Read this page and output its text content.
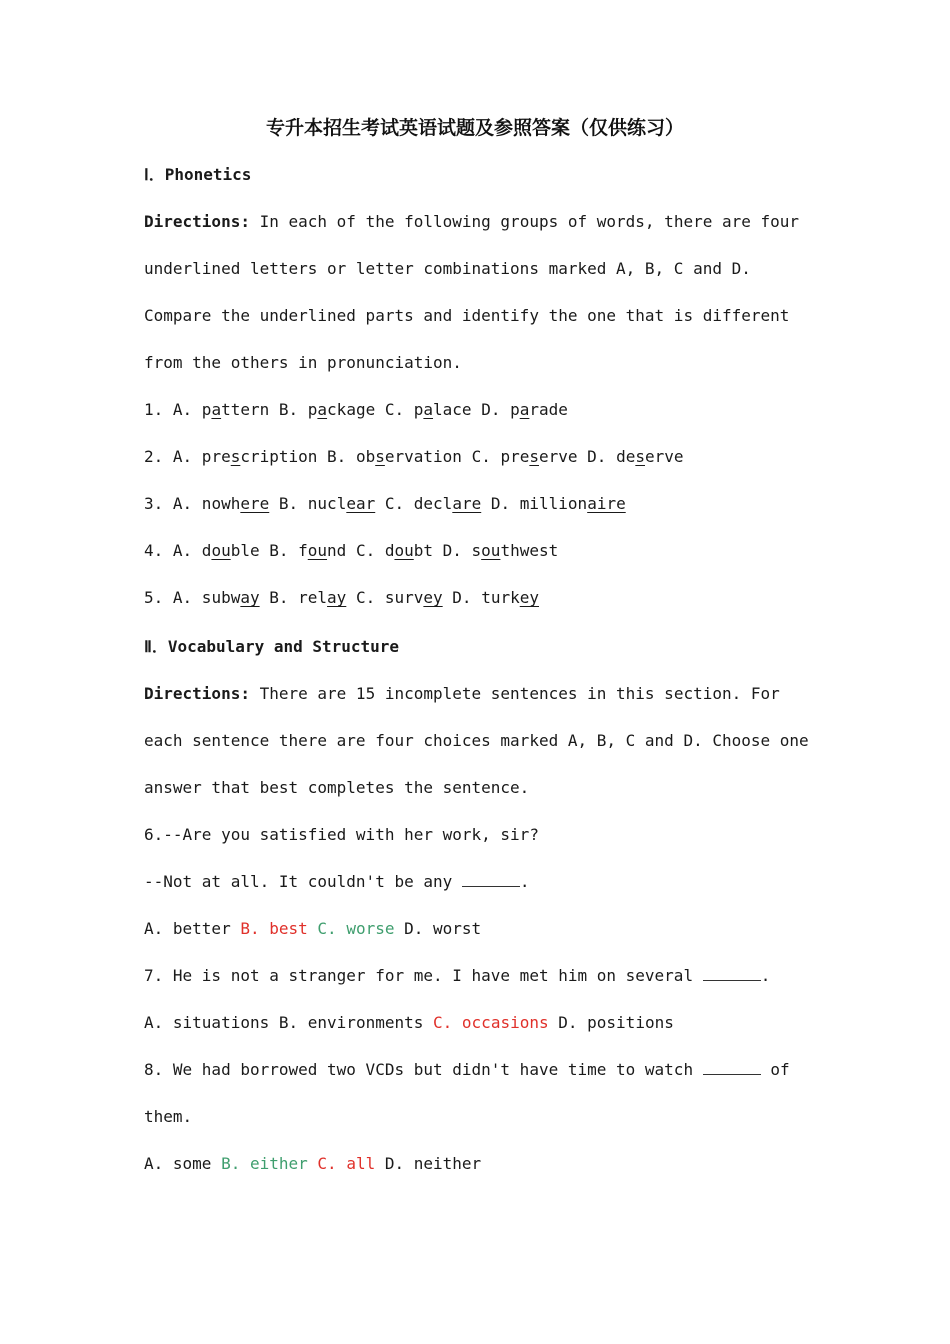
专升本招生考试英语试题及参照答案（仅供练习）
Ⅰ．Phonetics
Directions: In each of the following groups of words, there are four
underlined letters or letter combinations marked A, B, C and D.
Compare the underlined parts and identify the one that is different
from the others in pronunciation.
1. A. pattern B. package C. palace D. parade
2. A. prescription B. observation C. preserve D. deserve
3. A. nowhere B. nuclear C. declare D. millionaire
4. A. double B. found C. doubt D. southwest
5. A. subway B. relay C. survey D. turkey
Ⅱ．Vocabulary and Structure
Directions: There are 15 incomplete sentences in this section. For
each sentence there are four choices marked A, B, C and D. Choose one
answer that best completes the sentence.
6.--Are you satisfied with her work, sir?
--Not at all. It couldn't be any	.
A. better B. best C. worse D. worst
7. He is not a stranger for me. I have met him on several	.
A. situations B. environments C. occasions D. positions
8. We had borrowed two VCDs but didn't have time to watch	of
them.
A. some B. either C. all D. neither
